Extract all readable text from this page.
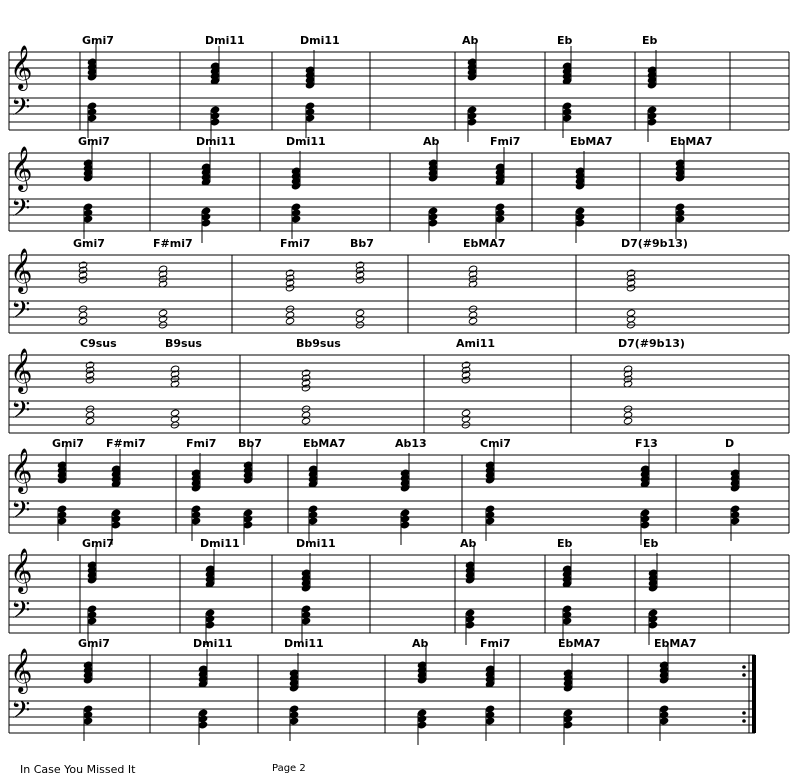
𝄞
𝄢
Gmi7	Dmi11	Dmi11	Ab	Eb	Eb
𝄞
𝄢
Gmi7	Dmi11	Dmi11	Ab	Fmi7	EbMA7	EbMA7
𝄞
𝄢
Gmi7	F#mi7	Fmi7	Bb7	EbMA7	D7(#9b13)
𝄞
𝄢
C9sus	B9sus	Bb9sus	Ami11	D7(#9b13)
𝄞
𝄢
Gmi7 F#mi7	Fmi7 Bb7	EbMA7	Ab13	Cmi7	F13	D
𝄞
𝄢
Gmi7	Dmi11	Dmi11	Ab	Eb	Eb
𝄞
𝄢
Gmi7	Dmi11	Dmi11	Ab	Fmi7	EbMA7	EbMA7
In Case You Missed It	Page 2
